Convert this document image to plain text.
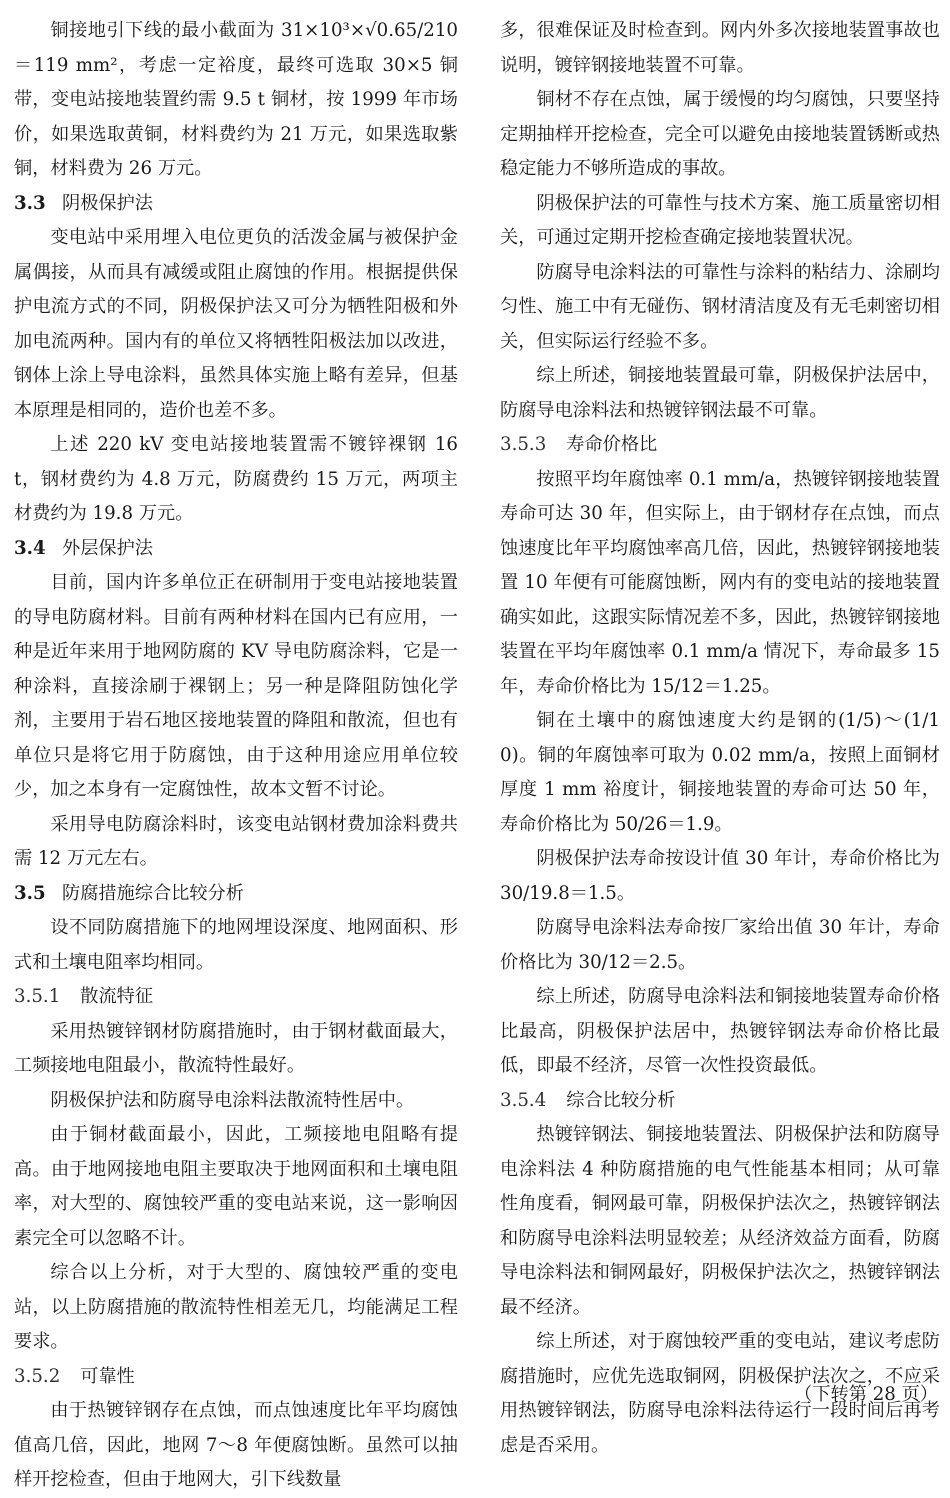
铜接地引下线的最小截面为 31×10³×√0.65/210＝119 mm²，考虑一定裕度，最终可选取 30×5 铜带，变电站接地装置约需 9.5 t 铜材，按 1999 年市场价，如果选取黄铜，材料费约为 21 万元，如果选取紫铜，材料费为 26 万元。

3.3 阴极保护法

变电站中采用埋入电位更负的活泼金属与被保护金属偶接，从而具有减缓或阻止腐蚀的作用。根据提供保护电流方式的不同，阴极保护法又可分为牺牲阳极和外加电流两种。国内有的单位又将牺牲阳极法加以改进，钢体上涂上导电涂料，虽然具体实施上略有差异，但基本原理是相同的，造价也差不多。

上述 220 kV 变电站接地装置需不镀锌裸钢 16 t，钢材费约为 4.8 万元，防腐费约 15 万元，两项主材费约为 19.8 万元。

3.4 外层保护法

目前，国内许多单位正在研制用于变电站接地装置的导电防腐材料。目前有两种材料在国内已有应用，一种是近年来用于地网防腐的 KV 导电防腐涂料，它是一种涂料，直接涂刷于裸钢上；另一种是降阻防蚀化学剂，主要用于岩石地区接地装置的降阻和散流，但也有单位只是将它用于防腐蚀，由于这种用途应用单位较少，加之本身有一定腐蚀性，故本文暂不讨论。

采用导电防腐涂料时，该变电站钢材费加涂料费共需 12 万元左右。

3.5 防腐措施综合比较分析

设不同防腐措施下的地网埋设深度、地网面积、形式和土壤电阻率均相同。

3.5.1 散流特征

采用热镀锌钢材防腐措施时，由于钢材截面最大，工频接地电阻最小，散流特性最好。

阴极保护法和防腐导电涂料法散流特性居中。

由于铜材截面最小，因此，工频接地电阻略有提高。由于地网接地电阻主要取决于地网面积和土壤电阻率，对大型的、腐蚀较严重的变电站来说，这一影响因素完全可以忽略不计。

综合以上分析，对于大型的、腐蚀较严重的变电站，以上防腐措施的散流特性相差无几，均能满足工程要求。

3.5.2 可靠性

由于热镀锌钢存在点蚀，而点蚀速度比年平均腐蚀值高几倍，因此，地网 7～8 年便腐蚀断。虽然可以抽样开挖检查，但由于地网大，引下线数量

多，很难保证及时检查到。网内外多次接地装置事故也说明，镀锌钢接地装置不可靠。

铜材不存在点蚀，属于缓慢的均匀腐蚀，只要坚持定期抽样开挖检查，完全可以避免由接地装置锈断或热稳定能力不够所造成的事故。

阴极保护法的可靠性与技术方案、施工质量密切相关，可通过定期开挖检查确定接地装置状况。

防腐导电涂料法的可靠性与涂料的粘结力、涂刷均匀性、施工中有无碰伤、钢材清洁度及有无毛刺密切相关，但实际运行经验不多。

综上所述，铜接地装置最可靠，阴极保护法居中，防腐导电涂料法和热镀锌钢法最不可靠。

3.5.3 寿命价格比

按照平均年腐蚀率 0.1 mm/a，热镀锌钢接地装置寿命可达 30 年，但实际上，由于钢材存在点蚀，而点蚀速度比年平均腐蚀率高几倍，因此，热镀锌钢接地装置 10 年便有可能腐蚀断，网内有的变电站的接地装置确实如此，这跟实际情况差不多，因此，热镀锌钢接地装置在平均年腐蚀率 0.1 mm/a 情况下，寿命最多 15 年，寿命价格比为 15/12＝1.25。

铜在土壤中的腐蚀速度大约是钢的(1/5)～(1/10)。铜的年腐蚀率可取为 0.02 mm/a，按照上面铜材厚度 1 mm 裕度计，铜接地装置的寿命可达 50 年，寿命价格比为 50/26＝1.9。

阴极保护法寿命按设计值 30 年计，寿命价格比为 30/19.8＝1.5。

防腐导电涂料法寿命按厂家给出值 30 年计，寿命价格比为 30/12＝2.5。

综上所述，防腐导电涂料法和铜接地装置寿命价格比最高，阴极保护法居中，热镀锌钢法寿命价格比最低，即最不经济，尽管一次性投资最低。

3.5.4 综合比较分析

热镀锌钢法、铜接地装置法、阴极保护法和防腐导电涂料法 4 种防腐措施的电气性能基本相同；从可靠性角度看，铜网最可靠，阴极保护法次之，热镀锌钢法和防腐导电涂料法明显较差；从经济效益方面看，防腐导电涂料法和铜网最好，阴极保护法次之，热镀锌钢法最不经济。

综上所述，对于腐蚀较严重的变电站，建议考虑防腐措施时，应优先选取铜网，阴极保护法次之，不应采用热镀锌钢法，防腐导电涂料法待运行一段时间后再考虑是否采用。

（下转第 28 页）
